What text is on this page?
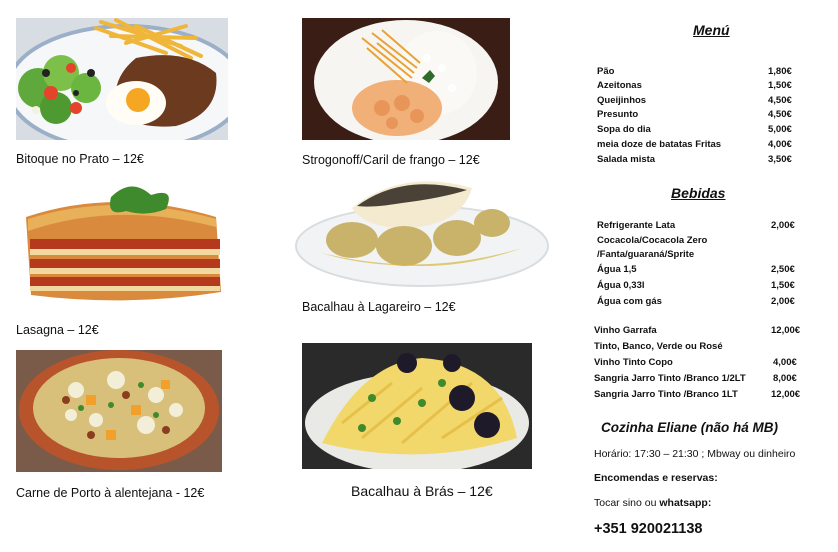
Bitoque no Prato – 12€	Strogonoff/Caril de frango – 12€
Lasagna – 12€
Bacalhau à Lagareiro – 12€
Carne de Porto à alentejana - 12€	Bacalhau à Brás – 12€
Menú
Pão	1,80€
Azeitonas	1,50€
Queijinhos	4,50€
Presunto	4,50€
Sopa do dia	5,00€
meia doze de batatas Fritas	4,00€
Salada mista	3,50€
Bebidas
Refrigerante Lata	2,00€
Cocacola/Cocacola Zero
/Fanta/guaraná/Sprite
Água 1,5	2,50€
Água 0,33l	1,50€
Água com gás	2,00€
Vinho Garrafa	12,00€
Tinto, Banco, Verde ou Rosé
Vinho Tinto Copo	4,00€
Sangria Jarro Tinto /Branco 1/2LT	8,00€
Sangria Jarro Tinto /Branco 1LT	12,00€
Cozinha Eliane (não há MB)
Horário: 17:30 – 21:30 ; Mbway ou dinheiro
Encomendas e reservas:
Tocar sino ou whatsapp:
+351 920021138
